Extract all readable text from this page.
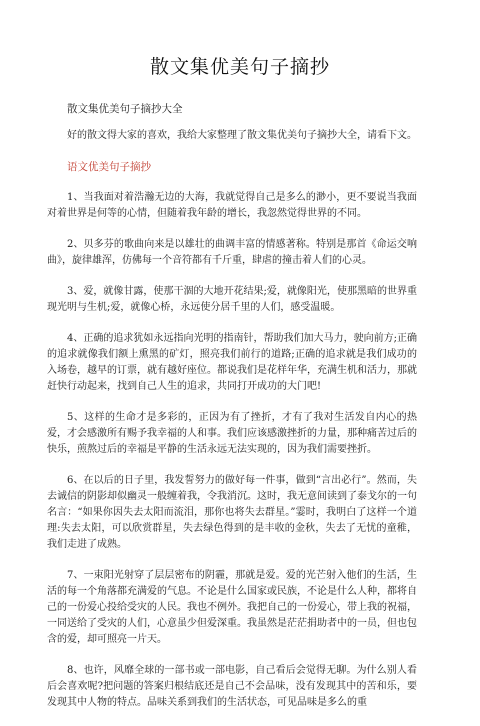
散文集优美句子摘抄
散文集优美句子摘抄大全

好的散文得大家的喜欢，我给大家整理了散文集优美句子摘抄大全，请看下文。

语文优美句子摘抄

1、当我面对着浩瀚无边的大海，我就觉得自己是多么的渺小，更不要说当我面对着世界是何等的心情，但随着我年龄的增长，我忽然觉得世界的不同。

2、贝多芬的歌曲向来是以雄壮的曲调丰富的情感著称。特别是那首《命运交响曲》，旋律雄浑，仿佛每一个音符都有千斤重，肆虐的撞击着人们的心灵。

3、爱，就像甘露，使那干涸的大地开花结果;爱，就像阳光，使那黑暗的世界重现光明与生机;爱，就像心桥，永远使分居千里的人们，感受温暖。

4、正确的追求犹如永远指向光明的指南针，帮助我们加大马力，驶向前方;正确的追求就像我们额上熏黑的矿灯，照亮我们前行的道路;正确的追求就是我们成功的入场卷，越早的订票，就有越好座位。都说我们是花样年华，充满生机和活力，那就赶快行动起来，找到自己人生的追求，共同打开成功的大门吧!

5、这样的生命才是多彩的，正因为有了挫折，才有了我对生活发自内心的热爱，才会感激所有赐予我幸福的人和事。我们应该感激挫折的力量，那种痛苦过后的快乐，煎熬过后的幸福是平静的生活永远无法实现的，因为我们需要挫折。

6、在以后的日子里，我发誓努力的做好每一件事，做到“言出必行”。然而，失去诚信的阴影却似幽灵一般缠着我，令我消沉。这时，我无意间读到了泰戈尔的一句名言：“如果你因失去太阳而流泪，那你也将失去群星。”霎时，我明白了这样一个道理:失去太阳，可以欣赏群星，失去绿色得到的是丰收的金秋，失去了无忧的童稚，我们走进了成熟。

7、一束阳光射穿了层层密布的阴霾，那就是爱。爱的光芒射入他们的生活，生活的每一个角落都充满爱的气息。不论是什么国家或民族，不论是什么人种，都将自己的一份爱心投给受灾的人民。我也不例外。我把自己的一份爱心，带上我的祝福，一同送给了受灾的人们，心意虽少但爱深重。我虽然是茫茫捐助者中的一员，但也包含的爱，却可照亮一片天。

8、也许，风靡全球的一部书或一部电影，自己看后会觉得无聊。为什么别人看后会喜欢呢?把问题的答案归根结底还是自己不会品味，没有发现其中的苦和乐，要发现其中人物的特点。品味关系到我们的生活状态，可见品味是多么的重
